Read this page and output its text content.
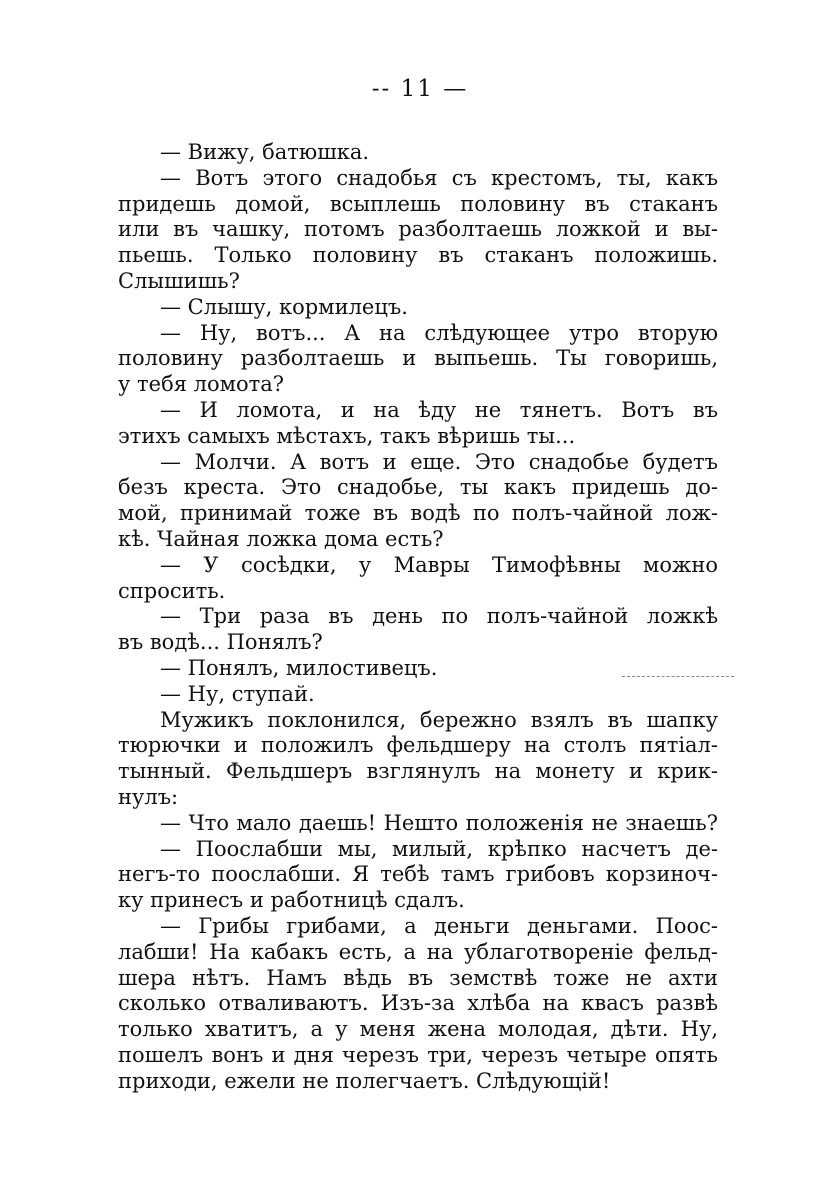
-- 11 —
— Вижу, батюшка.
— Вотъ этого снадобья съ крестомъ, ты, какъ
придешь домой, всыплешь половину въ стаканъ
или въ чашку, потомъ разболтаешь ложкой и вы-
пьешь. Только половину въ стаканъ положишь.
Слышишь?
— Слышу, кормилецъ.
— Ну, вотъ... А на слѣдующее утро вторую
половину разболтаешь и выпьешь. Ты говоришь,
у тебя ломота?
— И ломота, и на ѣду не тянетъ. Вотъ въ
этихъ самыхъ мѣстахъ, такъ вѣришь ты...
— Молчи. А вотъ и еще. Это снадобье будетъ
безъ креста. Это снадобье, ты какъ придешь до-
мой, принимай тоже въ водѣ по полъ-чайной лож-
кѣ. Чайная ложка дома есть?
— У сосѣдки, у Мавры Тимофѣвны можно
спросить.
— Три раза въ день по полъ-чайной ложкѣ
въ водѣ... Понялъ?
— Понялъ, милостивецъ.
— Ну, ступай.
Мужикъ поклонился, бережно взялъ въ шапку
тюрючки и положилъ фельдшеру на столъ пятіал-
тынный. Фельдшеръ взглянулъ на монету и крик-
нулъ:
— Что мало даешь! Нешто положенія не знаешь?
— Пооcлабши мы, милый, крѣпко насчетъ де-
негъ-то пооcлабши. Я тебѣ тамъ грибовъ корзиноч-
ку принесъ и работницѣ сдалъ.
— Грибы грибами, а деньги деньгами. Поос-
лабши! На кабакъ есть, а на ублаготвореніе фельд-
шера нѣтъ. Намъ вѣдь въ земствѣ тоже не ахти
сколько отваливаютъ. Изъ-за хлѣба на квасъ развѣ
только хватитъ, а у меня жена молодая, дѣти. Ну,
пошелъ вонъ и дня черезъ три, черезъ четыре опять
приходи, ежели не полегчаетъ. Слѣдующій!
